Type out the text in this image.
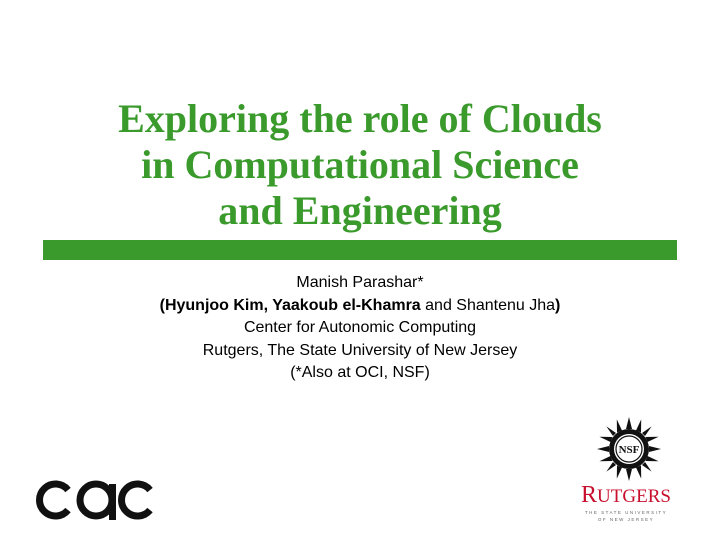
Exploring the role of Clouds
in Computational Science
and Engineering
Manish Parashar*
(Hyunjoo Kim, Yaakoub el-Khamra and Shantenu Jha)
Center for Autonomic Computing
Rutgers, The State University of New Jersey
(*Also at OCI, NSF)
NSF
RUTGERS
THE STATE UNIVERSITY
OF NEW JERSEY
